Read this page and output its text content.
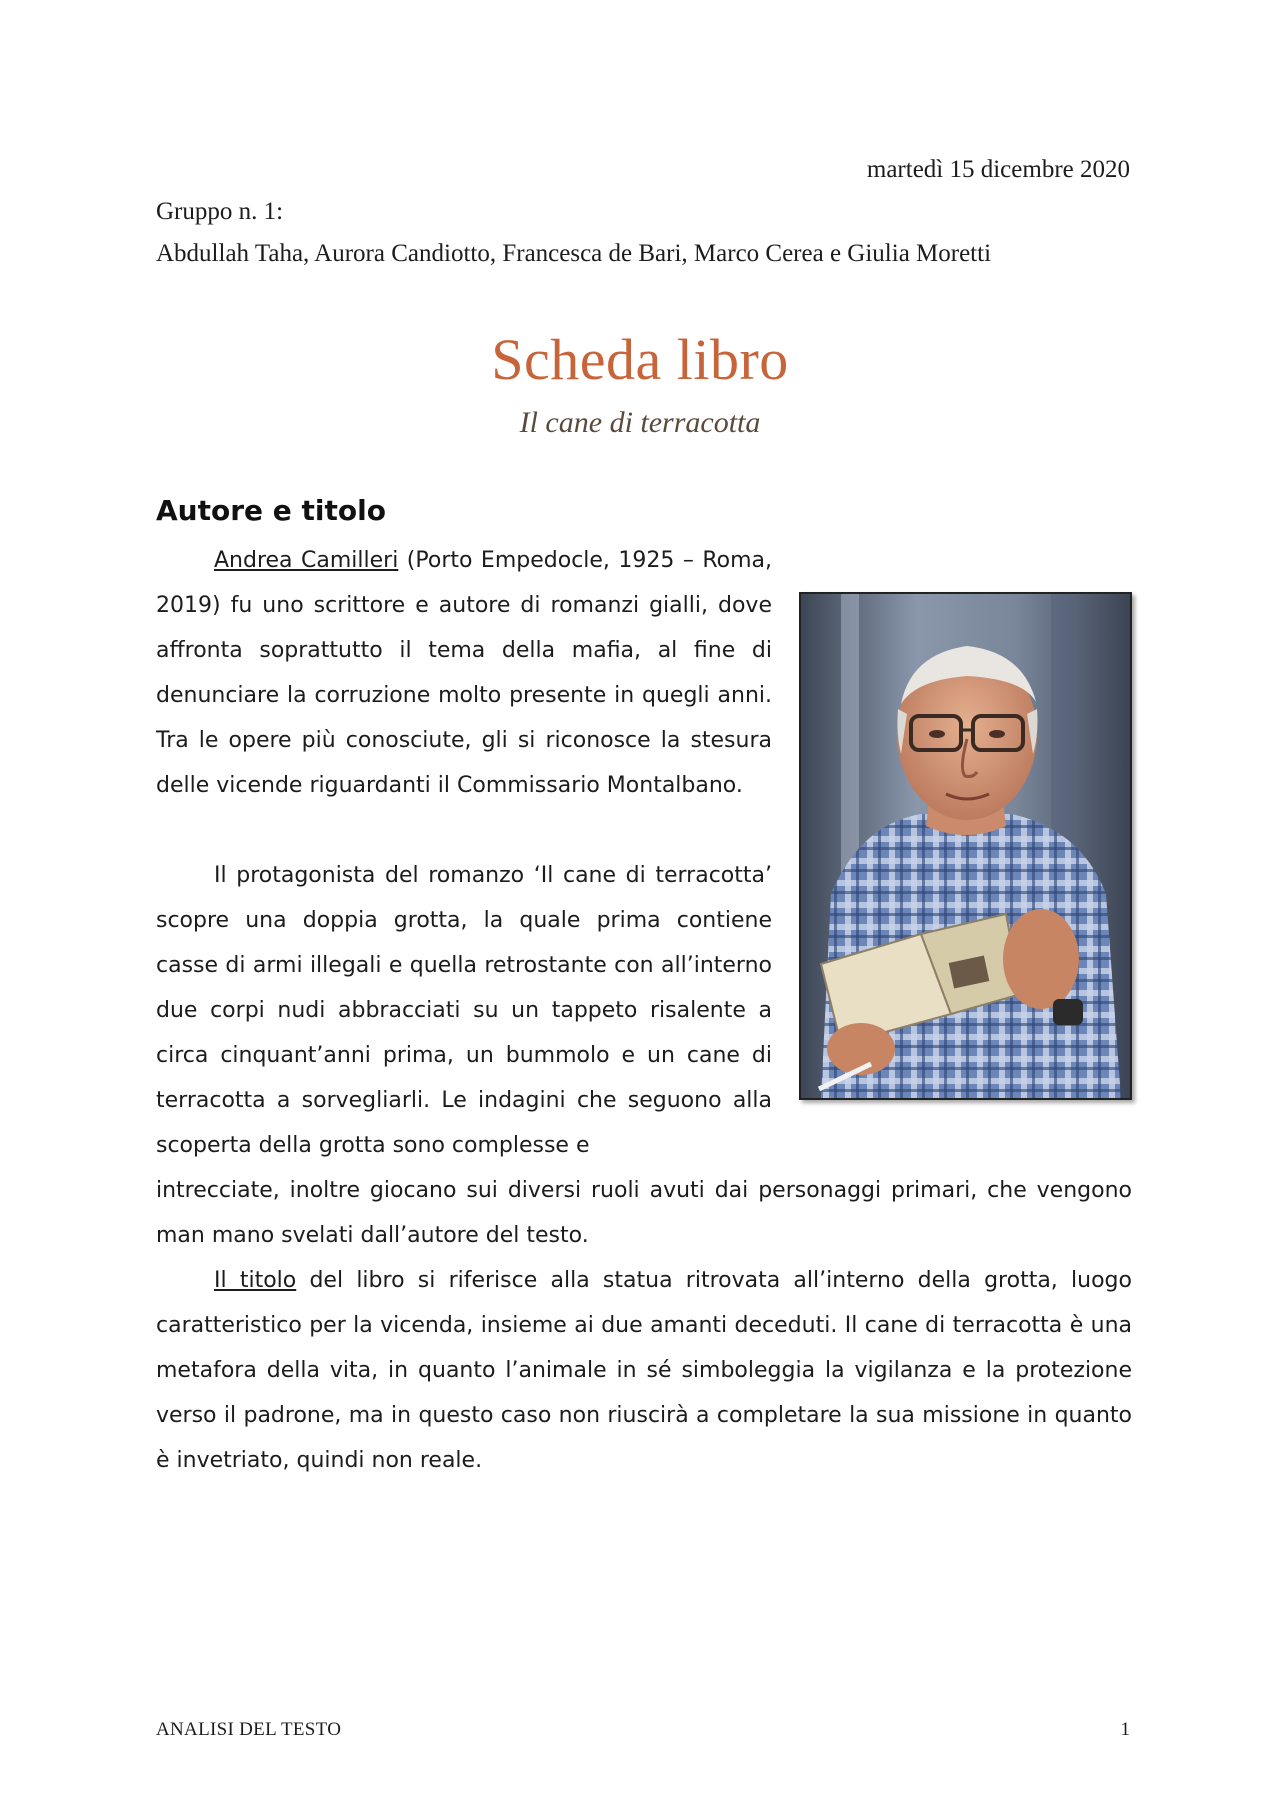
martedì 15 dicembre 2020
Gruppo n. 1:
Abdullah Taha, Aurora Candiotto, Francesca de Bari, Marco Cerea e Giulia Moretti
Scheda libro
Il cane di terracotta
Autore e titolo

Andrea Camilleri (Porto Empedocle, 1925 – Roma, 2019) fu uno scrittore e autore di romanzi gialli, dove affronta soprattutto il tema della mafia, al fine di denunciare la corruzione molto presente in quegli anni. Tra le opere più conosciute, gli si riconosce la stesura delle vicende riguardanti il Commissario Montalbano.

Il protagonista del romanzo ‘Il cane di terracotta’ scopre una doppia grotta, la quale prima contiene casse di armi illegali e quella retrostante con all’interno due corpi nudi abbracciati su un tappeto risalente a circa cinquant’anni prima, un bummolo e un cane di terracotta a sorvegliarli. Le indagini che seguono alla scoperta della grotta sono complesse e

intrecciate, inoltre giocano sui diversi ruoli avuti dai personaggi primari, che vengono man mano svelati dall’autore del testo.

Il titolo del libro si riferisce alla statua ritrovata all’interno della grotta, luogo caratteristico per la vicenda, insieme ai due amanti deceduti. Il cane di terracotta è una metafora della vita, in quanto l’animale in sé simboleggia la vigilanza e la protezione verso il padrone, ma in questo caso non riuscirà a completare la sua missione in quanto è invetriato, quindi non reale.

ANALISI DEL TESTO	1
